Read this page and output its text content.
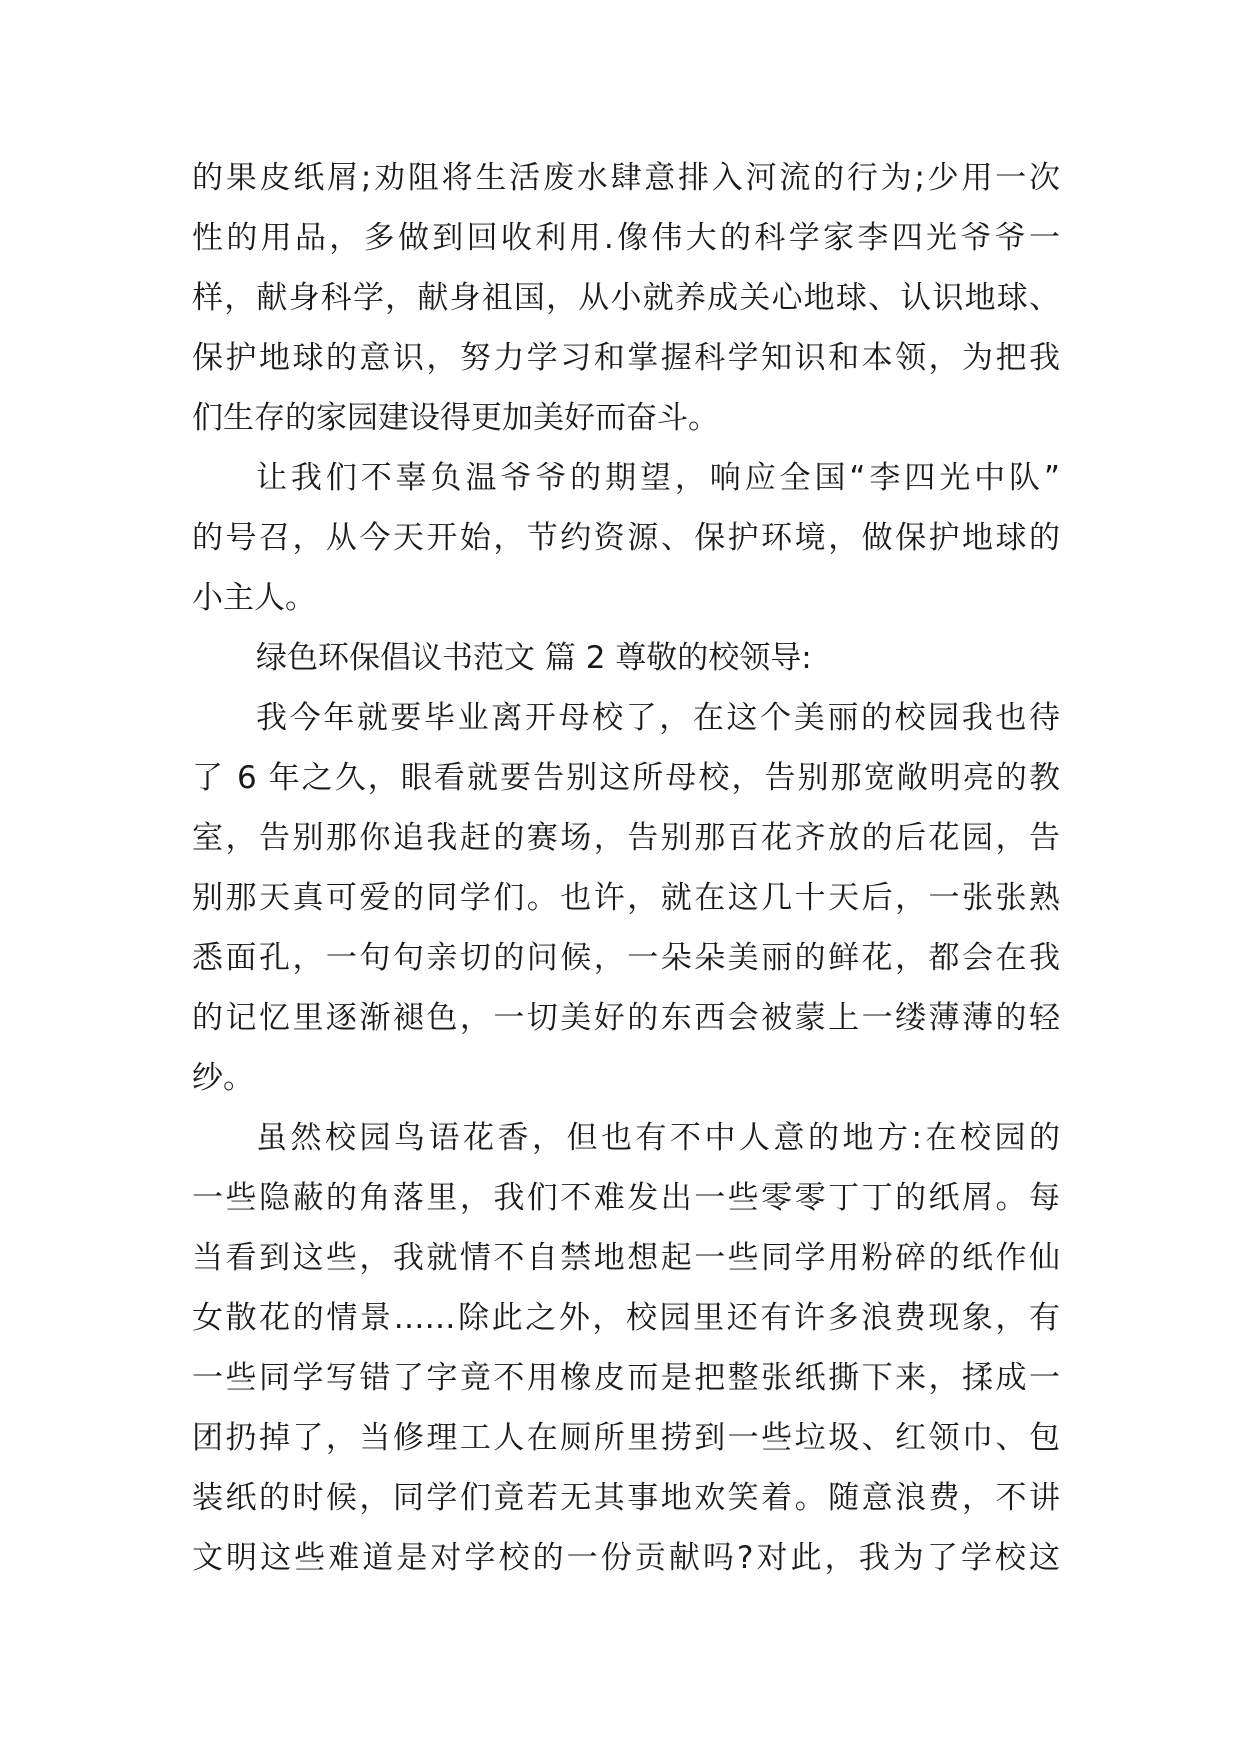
的果皮纸屑;劝阻将生活废水肆意排入河流的行为;少用一次
性的用品，多做到回收利用.像伟大的科学家李四光爷爷一
样，献身科学，献身祖国，从小就养成关心地球、认识地球、
保护地球的意识，努力学习和掌握科学知识和本领，为把我
们生存的家园建设得更加美好而奋斗。
让我们不辜负温爷爷的期望，响应全国“李四光中队”
的号召，从今天开始，节约资源、保护环境，做保护地球的
小主人。
绿色环保倡议书范文 篇 2 尊敬的校领导:
我今年就要毕业离开母校了，在这个美丽的校园我也待
了 6 年之久，眼看就要告别这所母校，告别那宽敞明亮的教
室，告别那你追我赶的赛场，告别那百花齐放的后花园，告
别那天真可爱的同学们。也许，就在这几十天后，一张张熟
悉面孔，一句句亲切的问候，一朵朵美丽的鲜花，都会在我
的记忆里逐渐褪色，一切美好的东西会被蒙上一缕薄薄的轻
纱。
虽然校园鸟语花香，但也有不中人意的地方:在校园的
一些隐蔽的角落里，我们不难发出一些零零丁丁的纸屑。每
当看到这些，我就情不自禁地想起一些同学用粉碎的纸作仙
女散花的情景……除此之外，校园里还有许多浪费现象，有
一些同学写错了字竟不用橡皮而是把整张纸撕下来，揉成一
团扔掉了，当修理工人在厕所里捞到一些垃圾、红领巾、包
装纸的时候，同学们竟若无其事地欢笑着。随意浪费，不讲
文明这些难道是对学校的一份贡献吗?对此，我为了学校这
